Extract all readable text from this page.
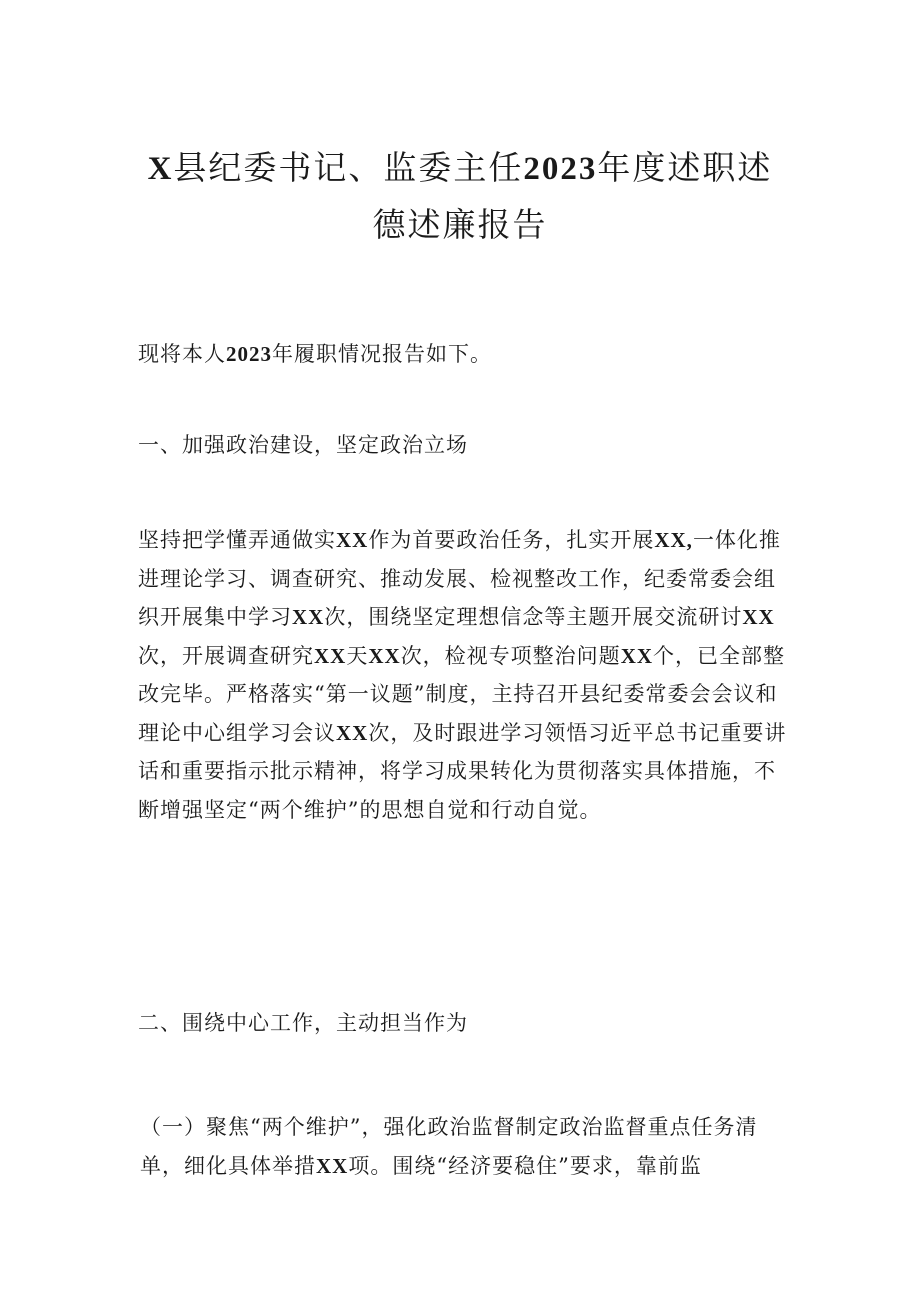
X县纪委书记、监委主任2023年度述职述
德述廉报告

现将本人2023年履职情况报告如下。

一、加强政治建设，坚定政治立场

坚持把学懂弄通做实XX作为首要政治任务，扎实开展XX,一体化推进理论学习、调查研究、推动发展、检视整改工作，纪委常委会组织开展集中学习XX次，围绕坚定理想信念等主题开展交流研讨XX次，开展调查研究XX天XX次，检视专项整治问题XX个，已全部整改完毕。严格落实“第一议题”制度，主持召开县纪委常委会会议和理论中心组学习会议XX次，及时跟进学习领悟习近平总书记重要讲话和重要指示批示精神，将学习成果转化为贯彻落实具体措施，不断增强坚定“两个维护”的思想自觉和行动自觉。

二、围绕中心工作，主动担当作为

（一）聚焦“两个维护”，强化政治监督制定政治监督重点任务清单，细化具体举措XX项。围绕“经济要稳住”要求，靠前监
